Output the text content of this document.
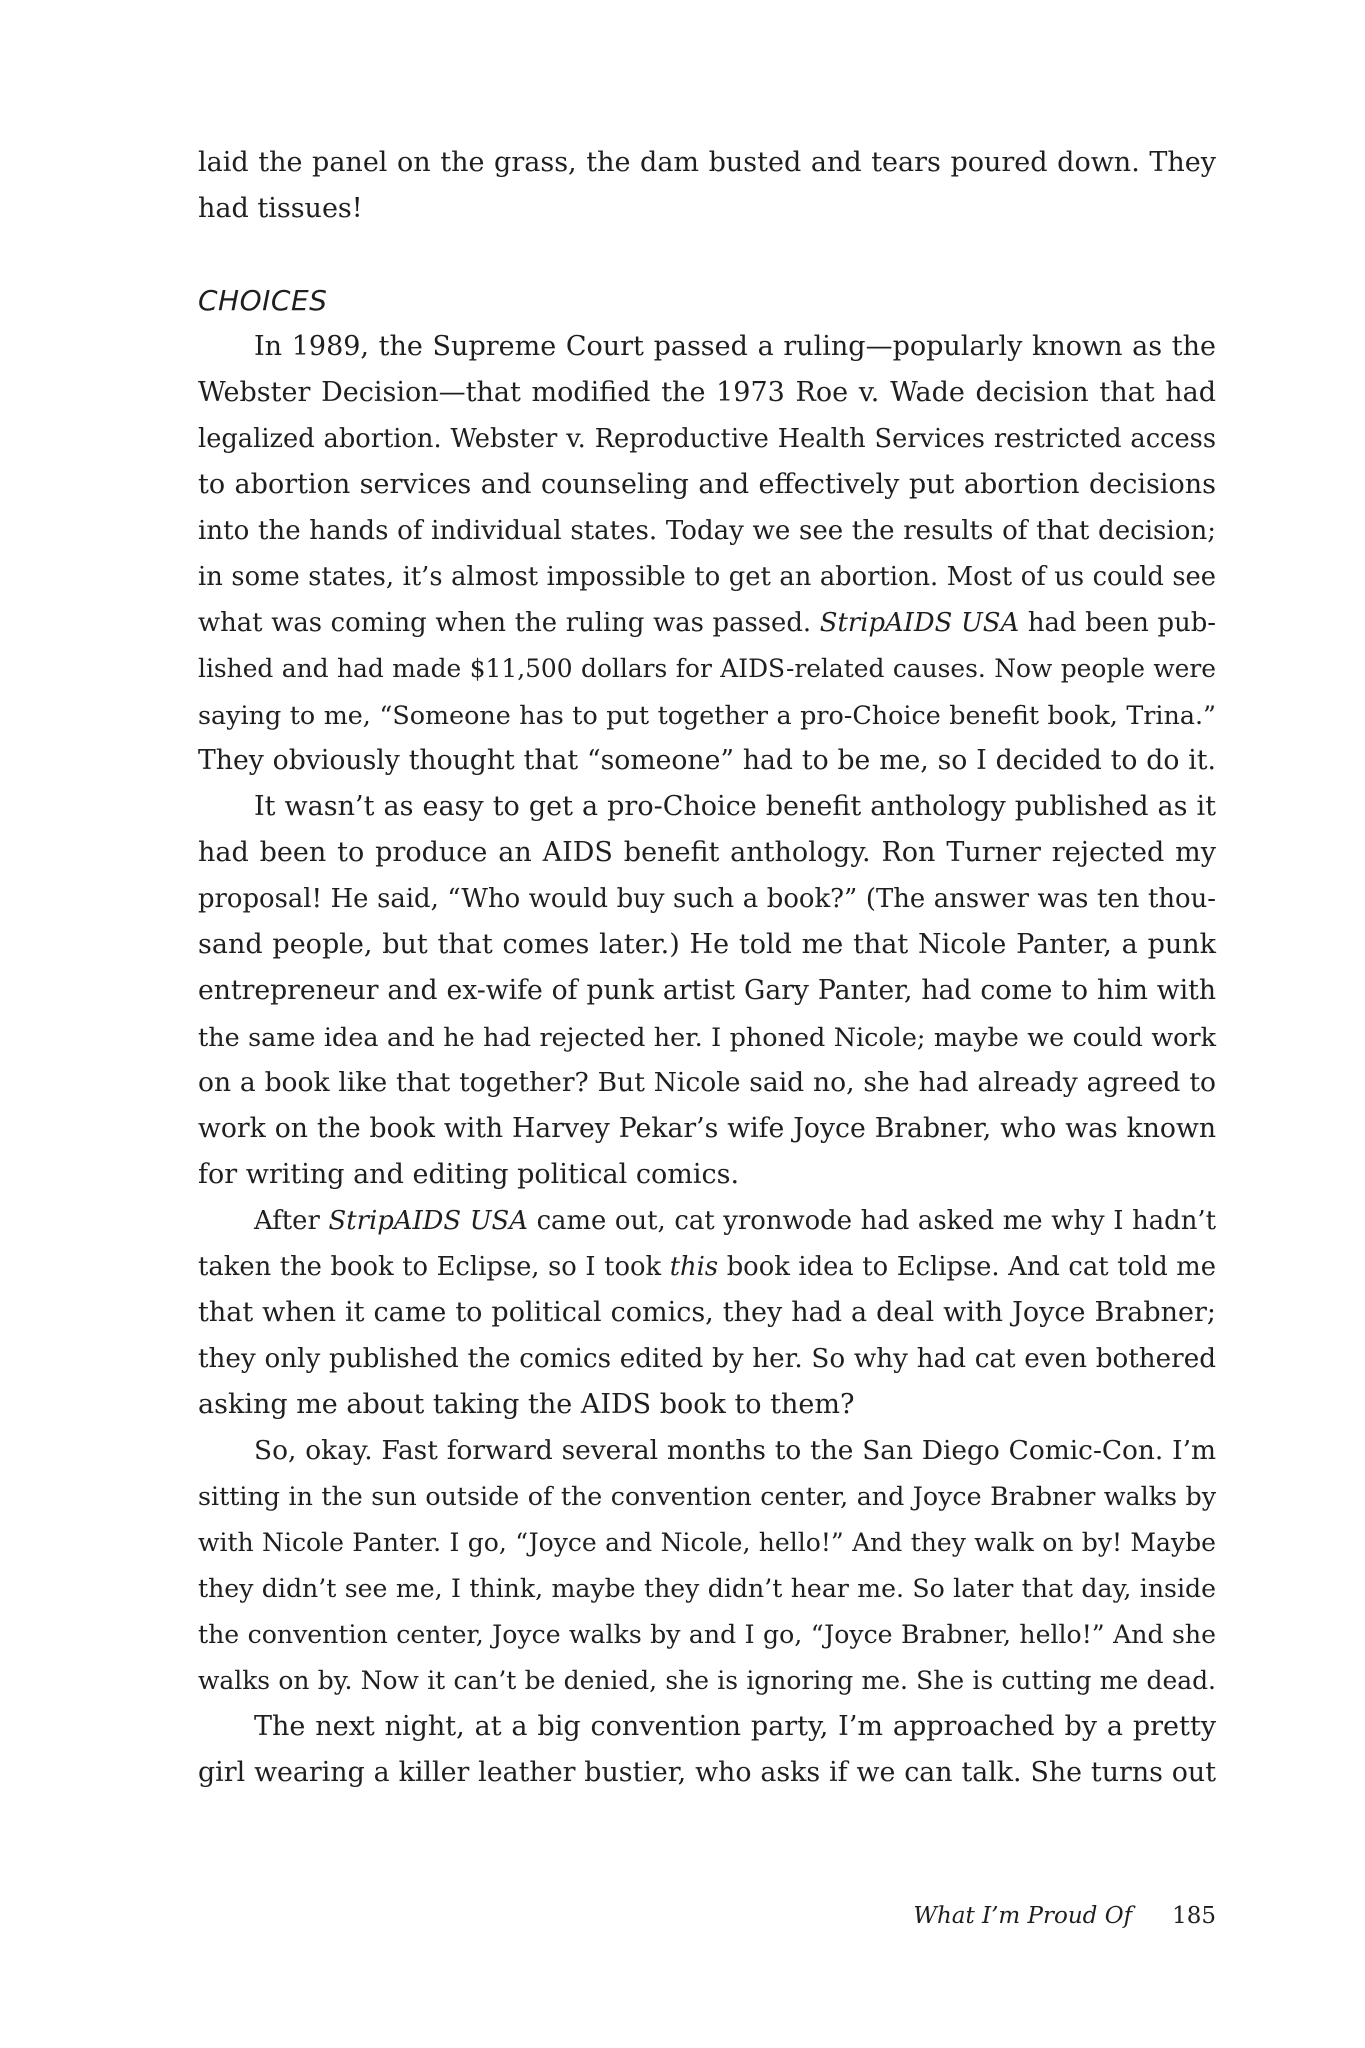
laid the panel on the grass, the dam busted and tears poured down. They
had tissues!
CHOICES
In 1989, the Supreme Court passed a ruling—popularly known as the
Webster Decision—that modified the 1973 Roe v. Wade decision that had
legalized abortion. Webster v. Reproductive Health Services restricted access
to abortion services and counseling and effectively put abortion decisions
into the hands of individual states. Today we see the results of that decision;
in some states, it’s almost impossible to get an abortion. Most of us could see
what was coming when the ruling was passed. StripAIDS USA had been pub-
lished and had made $11,500 dollars for AIDS-related causes. Now people were
saying to me, “Someone has to put together a pro-Choice benefit book, Trina.”
They obviously thought that “someone” had to be me, so I decided to do it.
It wasn’t as easy to get a pro-Choice benefit anthology published as it
had been to produce an AIDS benefit anthology. Ron Turner rejected my
proposal! He said, “Who would buy such a book?” (The answer was ten thou-
sand people, but that comes later.) He told me that Nicole Panter, a punk
entrepreneur and ex-wife of punk artist Gary Panter, had come to him with
the same idea and he had rejected her. I phoned Nicole; maybe we could work
on a book like that together? But Nicole said no, she had already agreed to
work on the book with Harvey Pekar’s wife Joyce Brabner, who was known
for writing and editing political comics.
After StripAIDS USA came out, cat yronwode had asked me why I hadn’t
taken the book to Eclipse, so I took this book idea to Eclipse. And cat told me
that when it came to political comics, they had a deal with Joyce Brabner;
they only published the comics edited by her. So why had cat even bothered
asking me about taking the AIDS book to them?
So, okay. Fast forward several months to the San Diego Comic-Con. I’m
sitting in the sun outside of the convention center, and Joyce Brabner walks by
with Nicole Panter. I go, “Joyce and Nicole, hello!” And they walk on by! Maybe
they didn’t see me, I think, maybe they didn’t hear me. So later that day, inside
the convention center, Joyce walks by and I go, “Joyce Brabner, hello!” And she
walks on by. Now it can’t be denied, she is ignoring me. She is cutting me dead.
The next night, at a big convention party, I’m approached by a pretty
girl wearing a killer leather bustier, who asks if we can talk. She turns out
What I’m Proud Of 185
